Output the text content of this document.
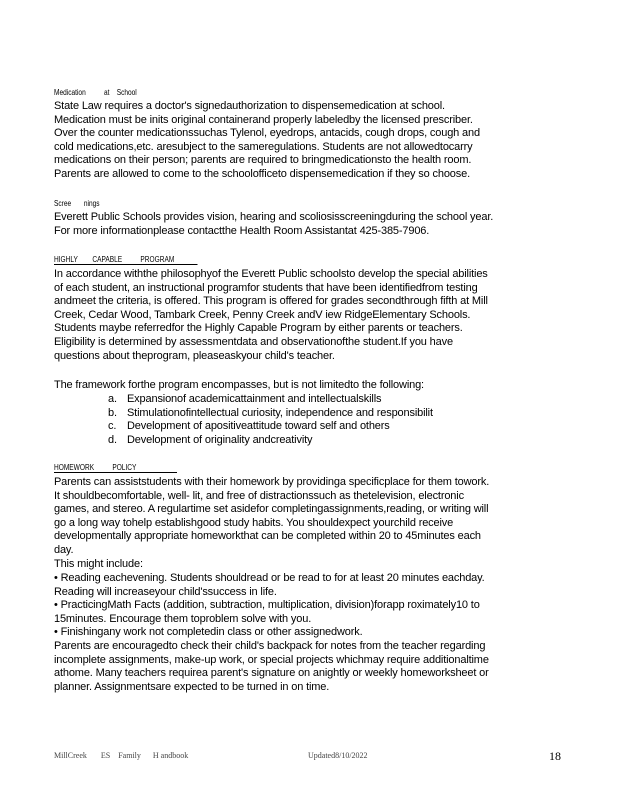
Medication          at    School
State Law requires a doctor's signedauthorization to dispensemedication at school.
Medication must be inits original containerand properly labeledby the licensed prescriber.
Over the counter medicationssuchas Tylenol, eyedrops, antacids, cough drops, cough and
cold medications,etc. aresubject to the sameregulations. Students are not allowedtocarry
medications on their person; parents are required to bringmedicationsto the health room.
Parents are allowed to come to the schoolofficeto dispensemedication if they so choose.
Scree       nings
Everett Public Schools provides vision, hearing and scoliosisscreeningduring the school year.
For more informationplease contactthe Health Room Assistantat 425-385-7906.
HIGHLY        CAPABLE          PROGRAM
In accordance withthe philosophyof the Everett Public schoolsto develop the special abilities
of each student, an instructional programfor students that have been identifiedfrom testing
andmeet the criteria, is offered. This program is offered for grades secondthrough fifth at Mill
Creek, Cedar Wood, Tambark Creek, Penny Creek andV iew RidgeElementary Schools.
Students maybe referredfor the Highly Capable Program by either parents or teachers.
Eligibility is determined by assessmentdata and observationofthe student.If you have
questions about theprogram, pleaseaskyour child's teacher.
The framework forthe program encompasses, but is not limitedto the following:
a. Expansionof academicattainment and intellectualskills
b. Stimulationofintellectual curiosity, independence and responsibilit
c. Development of apositiveattitude toward self and others
d. Development of originality andcreativity
HOMEWORK          POLICY
Parents can assiststudents with their homework by providinga specificplace for them towork.
It shouldbecomfortable, well- lit, and free of distractionssuch as thetelevision, electronic
games, and stereo. A regulartime set asidefor completingassignments,reading, or writing will
go a long way tohelp establishgood study habits. You shouldexpect yourchild receive
developmentally appropriate homeworkthat can be completed within 20 to 45minutes each
day.
This might include:
• Reading eachevening. Students shouldread or be read to for at least 20 minutes eachday.
Reading will increaseyour child'ssuccess in life.
• PracticingMath Facts (addition, subtraction, multiplication, division)forapp roximately10 to
15minutes. Encourage them toproblem solve with you.
• Finishingany work not completedin class or other assignedwork.
Parents are encouragedto check their child's backpack for notes from the teacher regarding
incomplete assignments, make-up work, or special projects whichmay require additionaltime
athome. Many teachers requirea parent's signature on anightly or weekly homeworksheet or
planner. Assignmentsare expected to be turned in on time.
MillCreek       ES    Family      H andbook	Updated8/10/2022	18
